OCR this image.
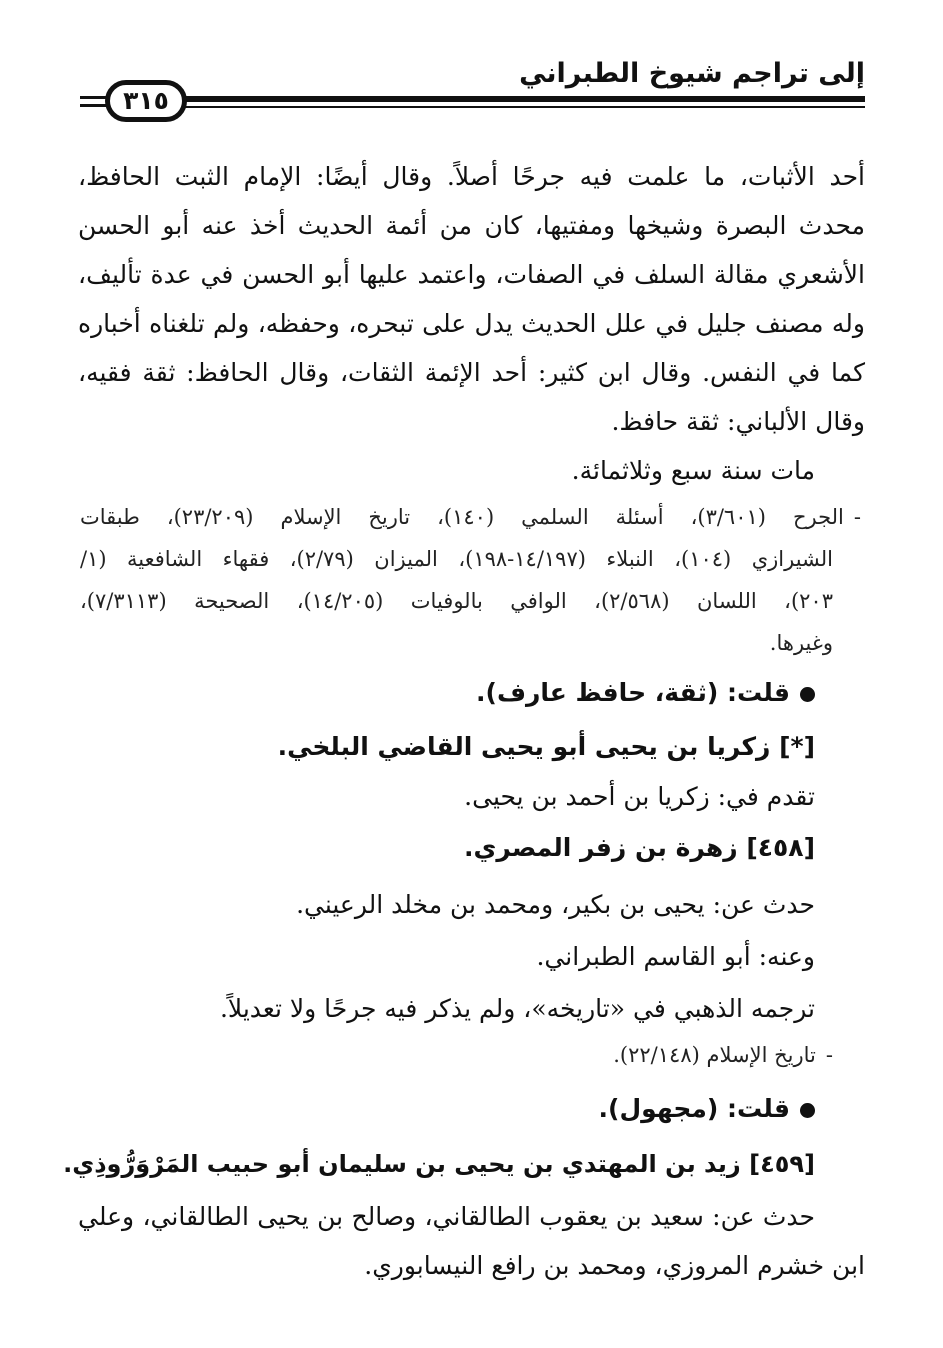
إلى تراجم شيوخ الطبراني
٣١٥
أحد الأثبات، ما علمت فيه جرحًا أصلاً. وقال أيضًا: الإمام الثبت الحافظ،
محدث البصرة وشيخها ومفتيها، كان من أئمة الحديث أخذ عنه أبو الحسن
الأشعري مقالة السلف في الصفات، واعتمد عليها أبو الحسن في عدة تأليف،
وله مصنف جليل في علل الحديث يدل على تبحره، وحفظه، ولم تلغناه أخباره
كما في النفس. وقال ابن كثير: أحد الإئمة الثقات، وقال الحافظ: ثقة فقيه،
وقال الألباني: ثقة حافظ.
مات سنة سبع وثلاثمائة.
-الجرح (٣/٦٠١)، أسئلة السلمي (١٤٠)، تاريخ الإسلام (٢٣/٢٠٩)، طبقات
الشيرازي (١٠٤)، النبلاء (١٤/١٩٧-١٩٨)، الميزان (٢/٧٩)، فقهاء الشافعية (١/
٢٠٣)، اللسان (٢/٥٦٨)، الوافي بالوفيات (١٤/٢٠٥)، الصحيحة (٧/٣١١٣)،
وغيرها.
قلت: (ثقة، حافظ عارف).
[*] زكريا بن يحيى أبو يحيى القاضي البلخي.
تقدم في: زكريا بن أحمد بن يحيى.
[٤٥٨] زهرة بن زفر المصري.
حدث عن: يحيى بن بكير، ومحمد بن مخلد الرعيني.
وعنه: أبو القاسم الطبراني.
ترجمه الذهبي في «تاريخه»، ولم يذكر فيه جرحًا ولا تعديلاً.
-تاريخ الإسلام (٢٢/١٤٨).
قلت: (مجهول).
[٤٥٩] زيد بن المهتدي بن يحيى بن سليمان أبو حبيب المَرْوَرُّوذِي.
حدث عن: سعيد بن يعقوب الطالقاني، وصالح بن يحيى الطالقاني، وعلي
ابن خشرم المروزي، ومحمد بن رافع النيسابوري.
